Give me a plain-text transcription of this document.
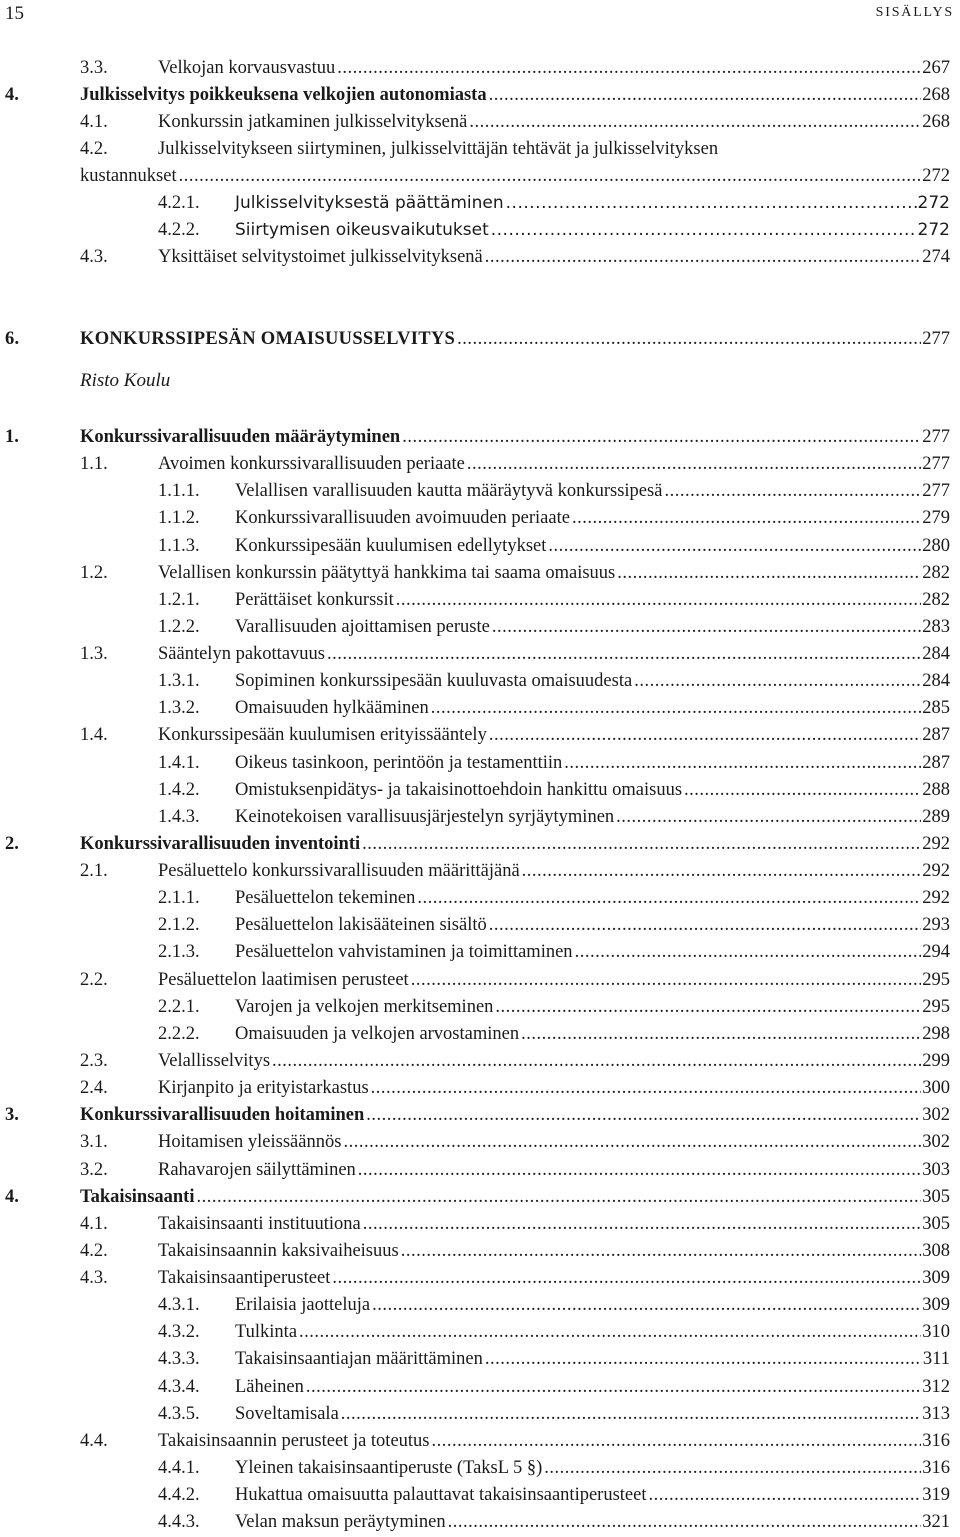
15	SISÄLLYS
3.3.	Velkojan korvausvastuu .....	267
4.	Julkisselvitys poikkeuksena velkojien autonomiasta .....	268
4.1.	Konkurssin jatkaminen julkisselvityksenä .....	268
4.2.	Julkisselvitykseen siirtyminen, julkisselvittäjän tehtävät ja julkisselvityksen
kustannukset .....	272
4.2.1. Julkisselvityksestä päättäminen .....	272
4.2.2. Siirtymisen oikeusvaikutukset .....	272
4.3.	Yksittäiset selvitystoimet julkisselvityksenä .....	274
6.	KONKURSSIPESÄN OMAISUUSSELVITYS .....	277
1.	Konkurssivarallisuuden määräytyminen .....	277
1.1.	Avoimen konkurssivarallisuuden periaate .....	277
1.1.1. Velallisen varallisuuden kautta määräytyvä konkurssipesä .....	277
1.1.2. Konkurssivarallisuuden avoimuuden periaate .....	279
1.1.3. Konkurssipesään kuulumisen edellytykset .....	280
1.2.	Velallisen konkurssin päätyttyä hankkima tai saama omaisuus .....	282
1.2.1. Perättäiset konkurssit .....	282
1.2.2. Varallisuuden ajoittamisen peruste .....	283
1.3.	Sääntelyn pakottavuus .....	284
1.3.1. Sopiminen konkurssipesään kuuluvasta omaisuudesta .....	284
1.3.2. Omaisuuden hylkääminen .....	285
1.4.	Konkurssipesään kuulumisen erityissääntely .....	287
1.4.1. Oikeus tasinkoon, perintöön ja testamenttiin .....	287
1.4.2. Omistuksenpidätys- ja takaisinottoehdoin hankittu omaisuus .....	288
1.4.3. Keinotekoisen varallisuusjärjestelyn syrjäytyminen .....	289
2.	Konkurssivarallisuuden inventointi .....	292
2.1.	Pesäluettelo konkurssivarallisuuden määrittäjänä .....	292
2.1.1. Pesäluettelon tekeminen .....	292
2.1.2. Pesäluettelon lakisääteinen sisältö .....	293
2.1.3. Pesäluettelon vahvistaminen ja toimittaminen .....	294
2.2.	Pesäluettelon laatimisen perusteet .....	295
2.2.1. Varojen ja velkojen merkitseminen .....	295
2.2.2. Omaisuuden ja velkojen arvostaminen .....	298
2.3.	Velallisselvitys .....	299
2.4.	Kirjanpito ja erityistarkastus .....	300
3.	Konkurssivarallisuuden hoitaminen .....	302
3.1.	Hoitamisen yleissäännös .....	302
3.2.	Rahavarojen säilyttäminen .....	303
4.	Takaisinsaanti .....	305
4.1.	Takaisinsaanti instituutiona .....	305
4.2.	Takaisinsaannin kaksivaiheisuus .....	308
4.3.	Takaisinsaantiperusteet .....	309
4.3.1. Erilaisia jaotteluja .....	309
4.3.2. Tulkinta .....	310
4.3.3. Takaisinsaantiajan määrittäminen .....	311
4.3.4. Läheinen .....	312
4.3.5. Soveltamisala .....	313
4.4.	Takaisinsaannin perusteet ja toteutus .....	316
4.4.1. Yleinen takaisinsaantiperuste (TaksL 5 §) .....	316
4.4.2. Hukattua omaisuutta palauttavat takaisinsaantiperusteet .....	319
4.4.3. Velan maksun peräytyminen .....	321
Risto Koulu
